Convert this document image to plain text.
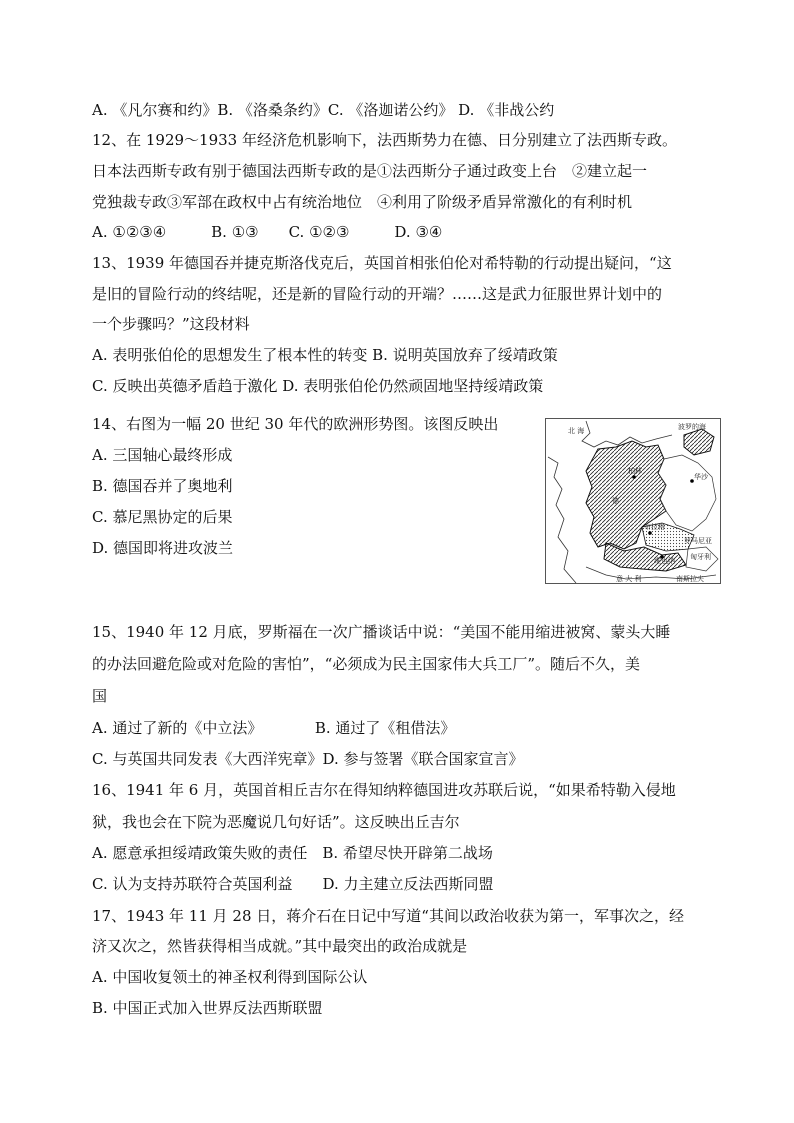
A. 《凡尔赛和约》B. 《洛桑条约》C. 《洛迦诺公约》 D. 《非战公约
12、在 1929～1933 年经济危机影响下，法西斯势力在德、日分别建立了法西斯专政。
日本法西斯专政有别于德国法西斯专政的是①法西斯分子通过政变上台　②建立起一
党独裁专政③军部在政权中占有统治地位　④利用了阶级矛盾异常激化的有利时机
A. ①②③④　　　B. ①③　　C. ①②③　　　D. ③④
13、1939 年德国吞并捷克斯洛伐克后，英国首相张伯伦对希特勒的行动提出疑问，“这
是旧的冒险行动的终结呢，还是新的冒险行动的开端？……这是武力征服世界计划中的
一个步骤吗？”这段材料
A. 表明张伯伦的思想发生了根本性的转变 B. 说明英国放弃了绥靖政策
C. 反映出英德矛盾趋于激化 D. 表明张伯伦仍然顽固地坚持绥靖政策
14、右图为一幅 20 世纪 30 年代的欧洲形势图。该图反映出
A. 三国轴心最终形成
B. 德国吞并了奥地利
C. 慕尼黑协定的后果
D. 德国即将进攻波兰
北 海	波罗的海
柏林
华沙
德
布拉格
维也纳 匈牙利
罗马尼亚
南斯拉夫
意 大 利
15、1940 年 12 月底，罗斯福在一次广播谈话中说：“美国不能用缩进被窝、蒙头大睡
的办法回避危险或对危险的害怕”，“必须成为民主国家伟大兵工厂”。随后不久，美
国
A. 通过了新的《中立法》　　　　B. 通过了《租借法》
C. 与英国共同发表《大西洋宪章》D. 参与签署《联合国家宣言》
16、1941 年 6 月，英国首相丘吉尔在得知纳粹德国进攻苏联后说，“如果希特勒入侵地
狱，我也会在下院为恶魔说几句好话”。这反映出丘吉尔
A. 愿意承担绥靖政策失败的责任　B. 希望尽快开辟第二战场
C. 认为支持苏联符合英国利益　　D. 力主建立反法西斯同盟
17、1943 年 11 月 28 日，蒋介石在日记中写道“其间以政治收获为第一，军事次之，经
济又次之，然皆获得相当成就。”其中最突出的政治成就是
A. 中国收复领土的神圣权利得到国际公认
B. 中国正式加入世界反法西斯联盟
